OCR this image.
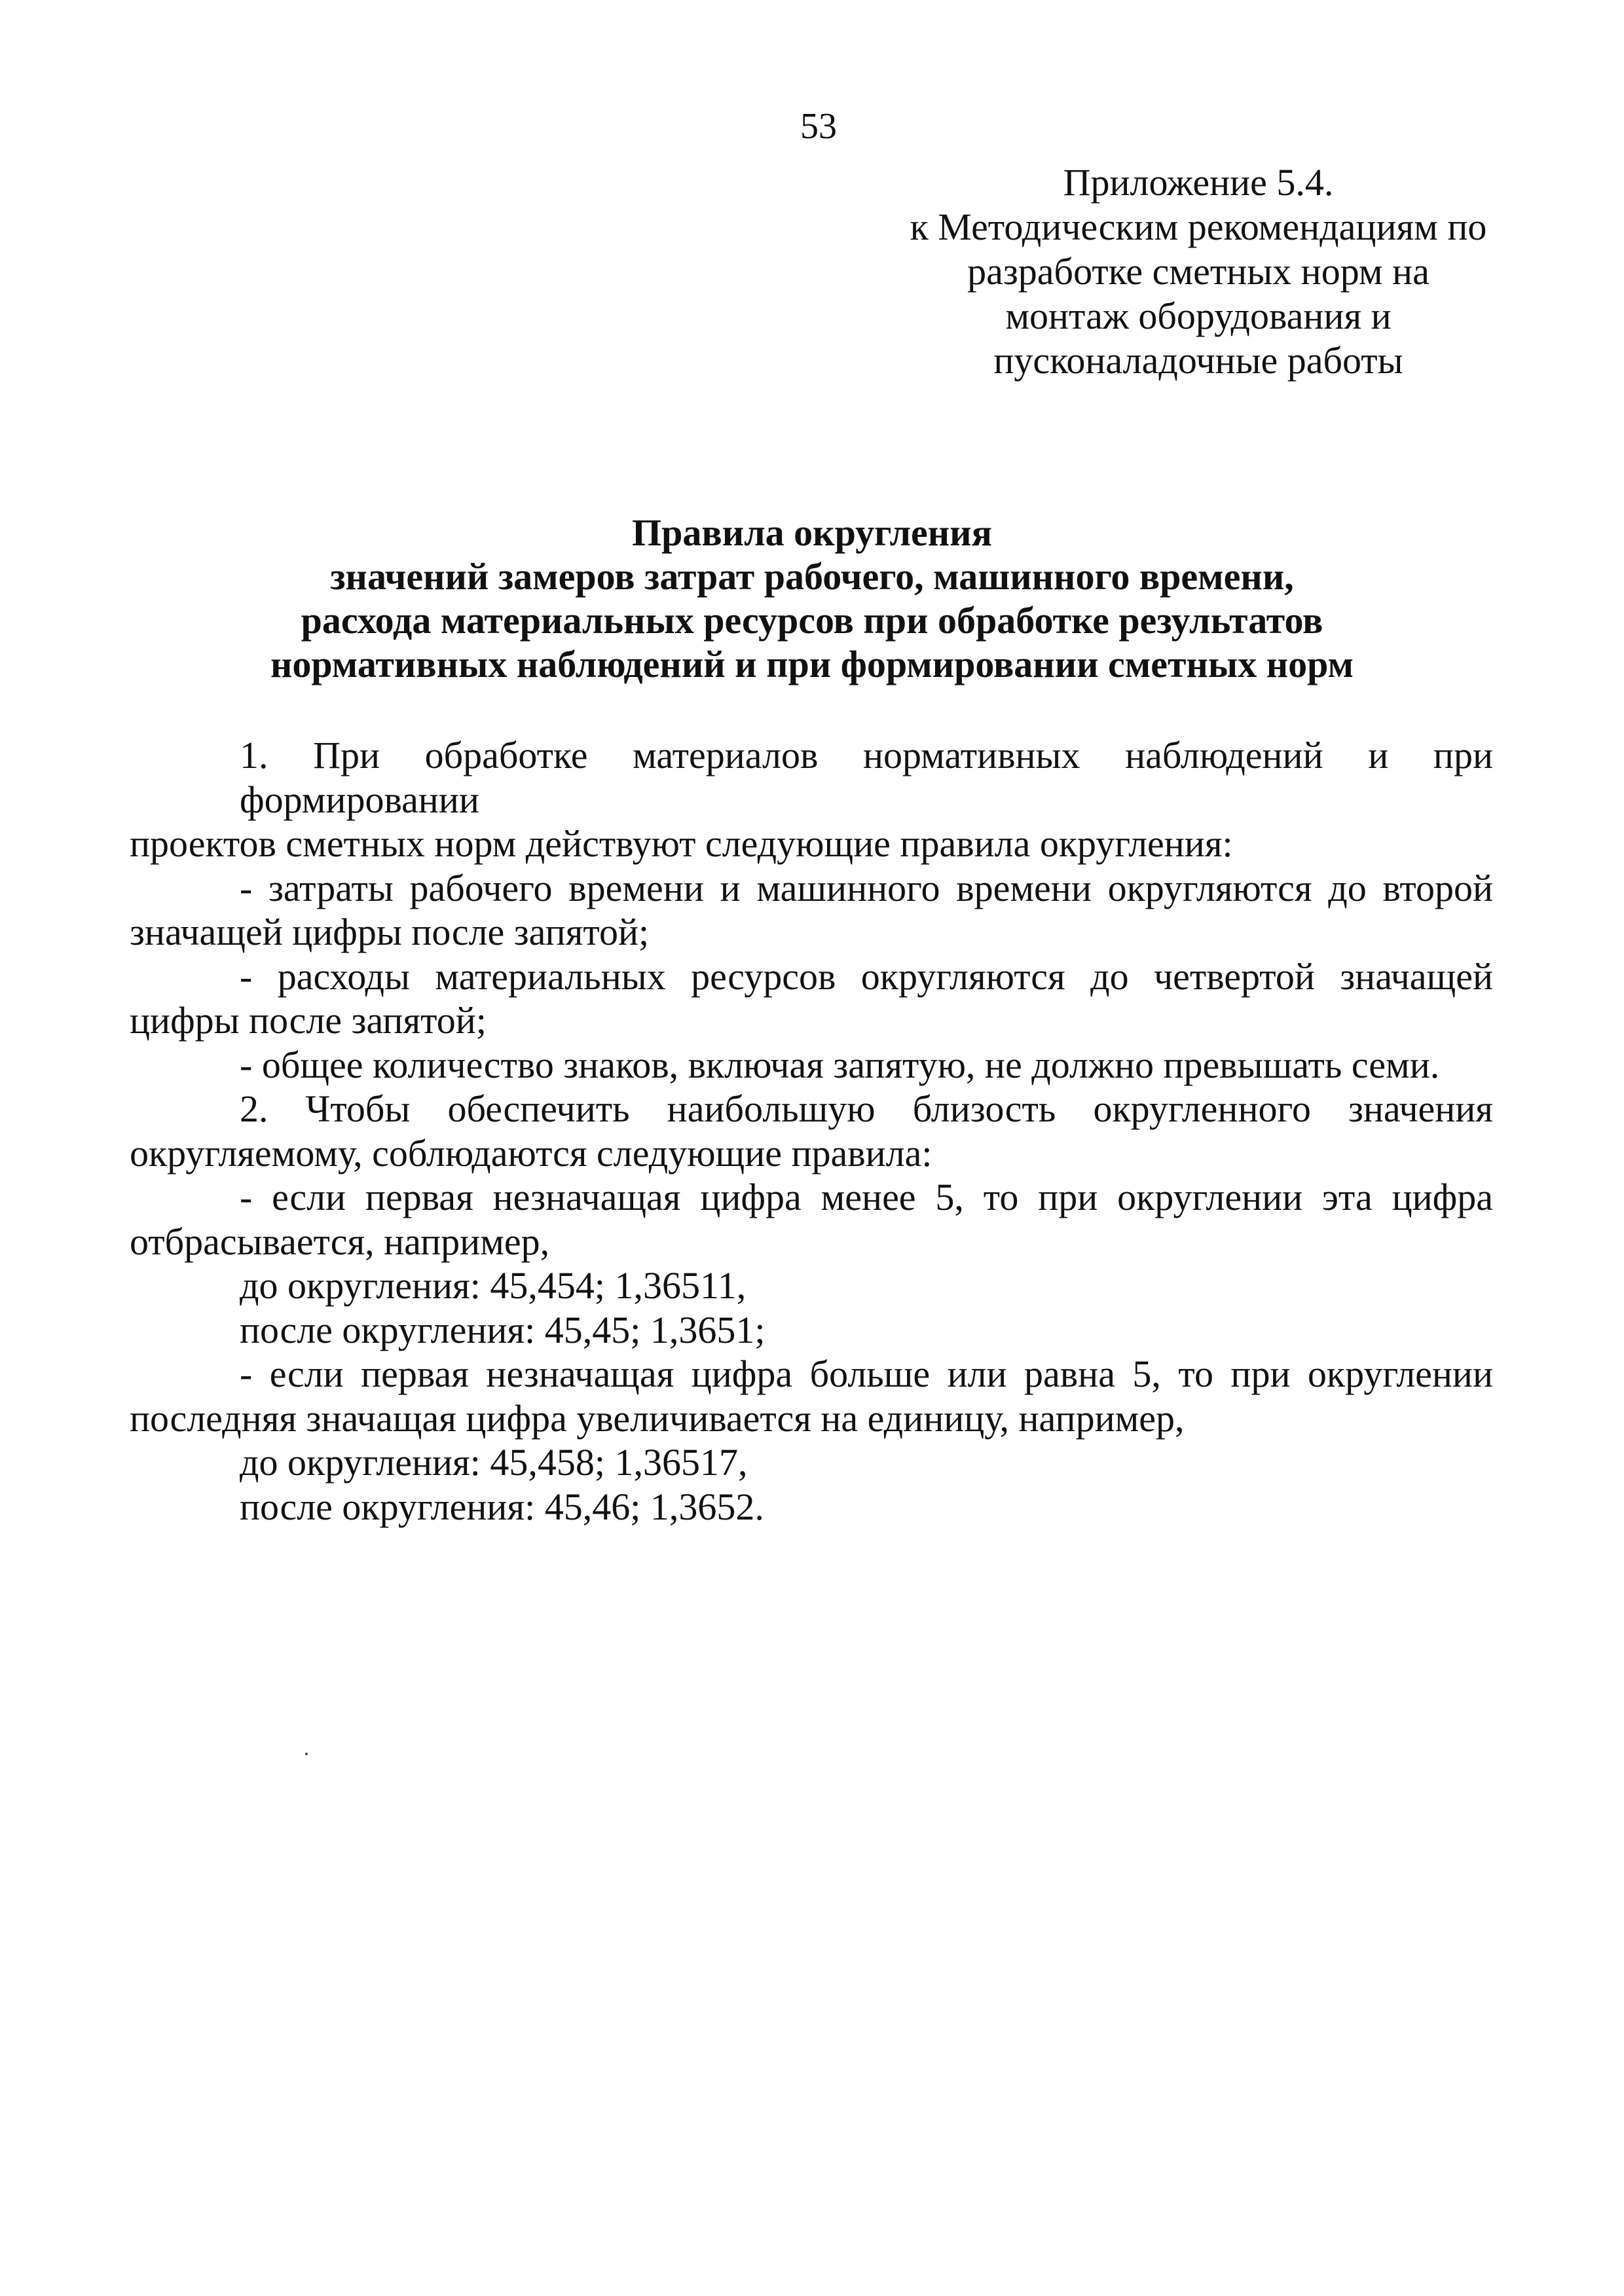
53
Приложение 5.4.
к Методическим рекомендациям по
разработке сметных норм на
монтаж оборудования и
пусконаладочные работы
Правила округления
значений замеров затрат рабочего, машинного времени,
расхода материальных ресурсов при обработке результатов
нормативных наблюдений и при формировании сметных норм

1. При обработке материалов нормативных наблюдений и при формировании

проектов сметных норм действуют следующие правила округления:

- затраты рабочего времени и машинного времени округляются до второй

значащей цифры после запятой;

- расходы материальных ресурсов округляются до четвертой значащей

цифры после запятой;

- общее количество знаков, включая запятую, не должно превышать семи.

2. Чтобы обеспечить наибольшую близость округленного значения

округляемому, соблюдаются следующие правила:

- если первая незначащая цифра менее 5, то при округлении эта цифра

отбрасывается, например,

до округления: 45,454; 1,36511,

после округления: 45,45; 1,3651;

- если первая незначащая цифра больше или равна 5, то при округлении

последняя значащая цифра увеличивается на единицу, например,

до округления: 45,458; 1,36517,

после округления: 45,46; 1,3652.
